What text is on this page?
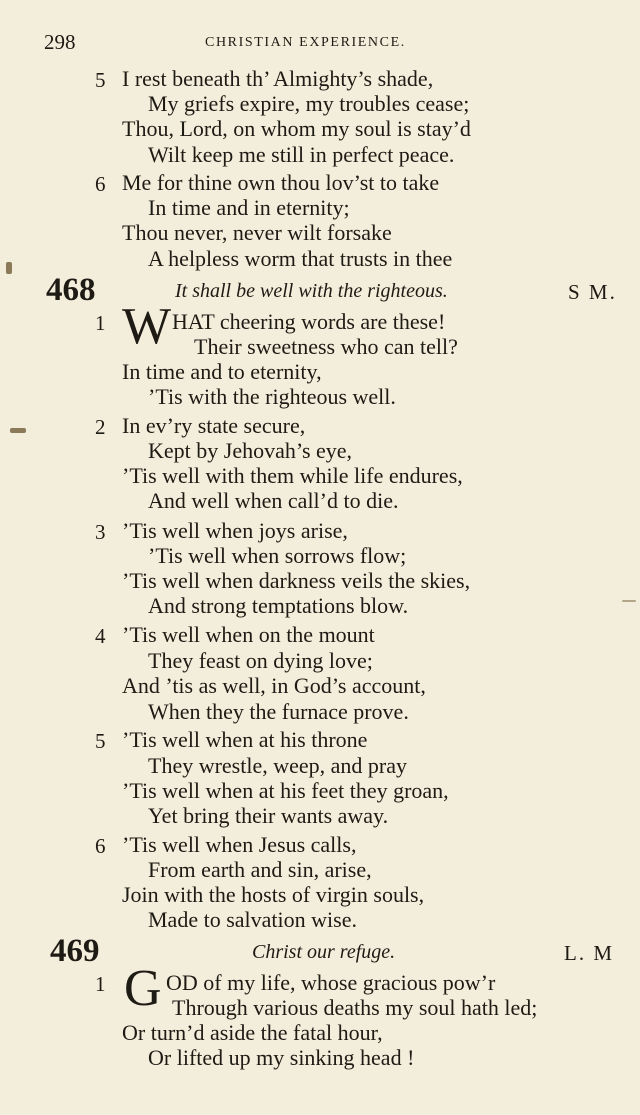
298	CHRISTIAN EXPERIENCE.
5 I rest beneath th’ Almighty’s shade,
My griefs expire, my troubles cease;
Thou, Lord, on whom my soul is stay’d
Wilt keep me still in perfect peace.
6 Me for thine own thou lov’st to take
In time and in eternity;
Thou never, never wilt forsake
A helpless worm that trusts in thee
468	It shall be well with the righteous.	S M.
1 W HAT cheering words are these!
Their sweetness who can tell?
In time and to eternity,
’Tis with the righteous well.
2 In ev’ry state secure,
Kept by Jehovah’s eye,
’Tis well with them while life endures,
And well when call’d to die.
3 ’Tis well when joys arise,
’Tis well when sorrows flow;
’Tis well when darkness veils the skies,
And strong temptations blow.
4 ’Tis well when on the mount
They feast on dying love;
And ’tis as well, in God’s account,
When they the furnace prove.
5 ’Tis well when at his throne
They wrestle, weep, and pray
’Tis well when at his feet they groan,
Yet bring their wants away.
6 ’Tis well when Jesus calls,
From earth and sin, arise,
Join with the hosts of virgin souls,
Made to salvation wise.
469	Christ our refuge.	L. M
1 G OD of my life, whose gracious pow’r
Through various deaths my soul hath led;
Or turn’d aside the fatal hour,
Or lifted up my sinking head !
